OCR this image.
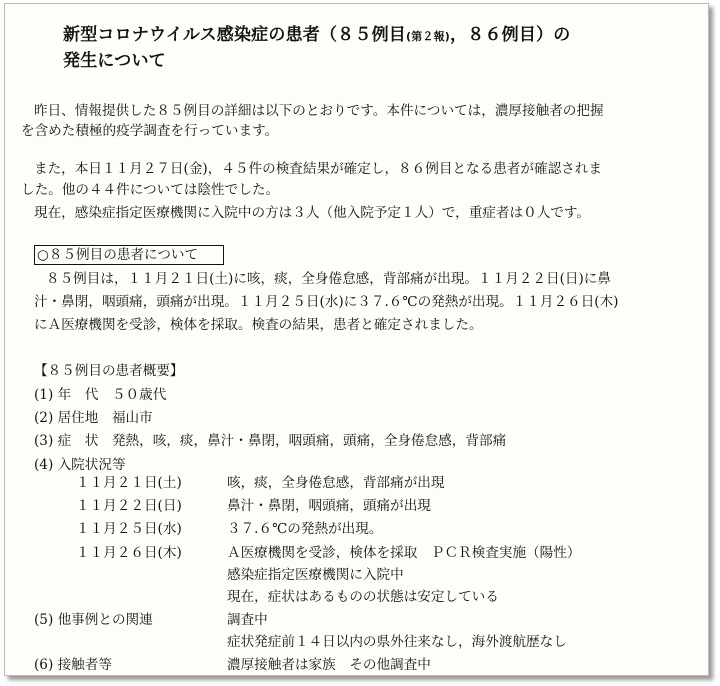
新型コロナウイルス感染症の患者（８５例目(第２報)，８６例目）の
発生について
昨日、情報提供した８５例目の詳細は以下のとおりです。本件については，濃厚接触者の把握
を含めた積極的疫学調査を行っています。
また，本日１１月２７日(金)，４５件の検査結果が確定し，８６例目となる患者が確認されま
した。他の４４件については陰性でした。
現在，感染症指定医療機関に入院中の方は３人（他入院予定１人）で，重症者は０人です。
○８５例目の患者について
８５例目は，１１月２１日(土)に咳，痰，全身倦怠感，背部痛が出現。１１月２２日(日)に鼻
汁・鼻閉，咽頭痛，頭痛が出現。１１月２５日(水)に３７.６℃の発熱が出現。１１月２６日(木)
にＡ医療機関を受診，検体を採取。検査の結果，患者と確定されました。
【８５例目の患者概要】
(1) 年　代　５０歳代
(2) 居住地　福山市
(3) 症　状　発熱，咳，痰，鼻汁・鼻閉，咽頭痛，頭痛，全身倦怠感，背部痛
(4) 入院状況等
１１月２１日(土)	咳，痰，全身倦怠感，背部痛が出現
１１月２２日(日)	鼻汁・鼻閉，咽頭痛，頭痛が出現
１１月２５日(水)	３７.６℃の発熱が出現。
１１月２６日(木)	Ａ医療機関を受診，検体を採取　ＰＣＲ検査実施（陽性）
感染症指定医療機関に入院中
現在，症状はあるものの状態は安定している
(5) 他事例との関連	調査中
症状発症前１４日以内の県外往来なし，海外渡航歴なし
(6) 接触者等	濃厚接触者は家族　その他調査中
